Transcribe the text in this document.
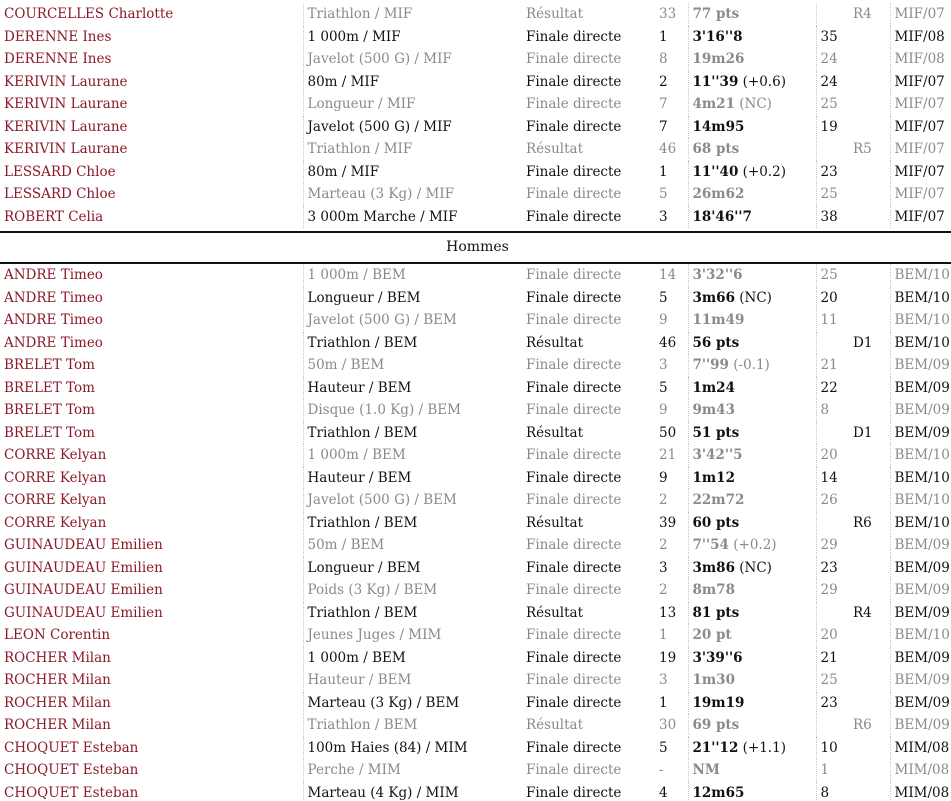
COURCELLES Charlotte	Triathlon / MIF	Résultat	33	77 pts		R4	MIF/07
DERENNE Ines	1 000m / MIF	Finale directe	1	3'16''8	35		MIF/08
DERENNE Ines	Javelot (500 G) / MIF	Finale directe	8	19m26	24		MIF/08
KERIVIN Laurane	80m / MIF	Finale directe	2	11''39 (+0.6)	24		MIF/07
KERIVIN Laurane	Longueur / MIF	Finale directe	7	4m21 (NC)	25		MIF/07
KERIVIN Laurane	Javelot (500 G) / MIF	Finale directe	7	14m95	19		MIF/07
KERIVIN Laurane	Triathlon / MIF	Résultat	46	68 pts		R5	MIF/07
LESSARD Chloe	80m / MIF	Finale directe	1	11''40 (+0.2)	23		MIF/07
LESSARD Chloe	Marteau (3 Kg) / MIF	Finale directe	5	26m62	25		MIF/07
ROBERT Celia	3 000m Marche / MIF	Finale directe	3	18'46''7	38		MIF/07

Hommes							
ANDRE Timeo	1 000m / BEM	Finale directe	14	3'32''6	25		BEM/10
ANDRE Timeo	Longueur / BEM	Finale directe	5	3m66 (NC)	20		BEM/10
ANDRE Timeo	Javelot (500 G) / BEM	Finale directe	9	11m49	11		BEM/10
ANDRE Timeo	Triathlon / BEM	Résultat	46	56 pts		D1	BEM/10
BRELET Tom	50m / BEM	Finale directe	3	7''99 (-0.1)	21		BEM/09
BRELET Tom	Hauteur / BEM	Finale directe	5	1m24	22		BEM/09
BRELET Tom	Disque (1.0 Kg) / BEM	Finale directe	9	9m43	8		BEM/09
BRELET Tom	Triathlon / BEM	Résultat	50	51 pts		D1	BEM/09
CORRE Kelyan	1 000m / BEM	Finale directe	21	3'42''5	20		BEM/10
CORRE Kelyan	Hauteur / BEM	Finale directe	9	1m12	14		BEM/10
CORRE Kelyan	Javelot (500 G) / BEM	Finale directe	2	22m72	26		BEM/10
CORRE Kelyan	Triathlon / BEM	Résultat	39	60 pts		R6	BEM/10
GUINAUDEAU Emilien	50m / BEM	Finale directe	2	7''54 (+0.2)	29		BEM/09
GUINAUDEAU Emilien	Longueur / BEM	Finale directe	3	3m86 (NC)	23		BEM/09
GUINAUDEAU Emilien	Poids (3 Kg) / BEM	Finale directe	2	8m78	29		BEM/09
GUINAUDEAU Emilien	Triathlon / BEM	Résultat	13	81 pts		R4	BEM/09
LEON Corentin	Jeunes Juges / MIM	Finale directe	1	20 pt	20		BEM/10
ROCHER Milan	1 000m / BEM	Finale directe	19	3'39''6	21		BEM/09
ROCHER Milan	Hauteur / BEM	Finale directe	3	1m30	25		BEM/09
ROCHER Milan	Marteau (3 Kg) / BEM	Finale directe	1	19m19	23		BEM/09
ROCHER Milan	Triathlon / BEM	Résultat	30	69 pts		R6	BEM/09
CHOQUET Esteban	100m Haies (84) / MIM	Finale directe	5	21''12 (+1.1)	10		MIM/08
CHOQUET Esteban	Perche / MIM	Finale directe	-	NM	1		MIM/08
CHOQUET Esteban	Marteau (4 Kg) / MIM	Finale directe	4	12m65	8		MIM/08
